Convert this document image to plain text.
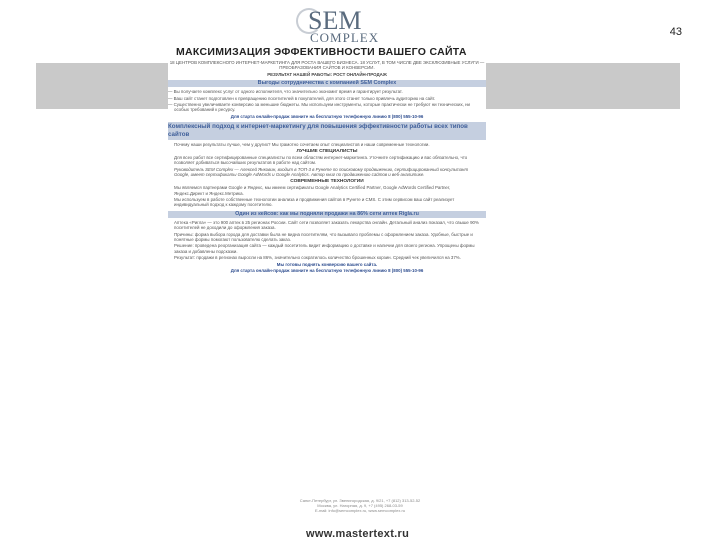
SEM
COMPLEX	43
МАКСИМИЗАЦИЯ ЭФФЕКТИВНОСТИ ВАШЕГО САЙТА

18 ЦЕНТРОВ КОМПЛЕКСНОГО ИНТЕРНЕТ-МАРКЕТИНГА ДЛЯ РОСТА ВАШЕГО БИЗНЕСА. 18 УСЛУГ, В ТОМ ЧИСЛЕ ДВЕ ЭКСКЛЮЗИВНЫЕ УСЛУГИ — ПРЕОБРАЗОВАНИЯ САЙТОВ И КОНВЕРСИИ.

РЕЗУЛЬТАТ НАШЕЙ РАБОТЫ: РОСТ ОНЛАЙН-ПРОДАЖ

Выгоды сотрудничества с компанией SEM Complex

— Вы получаете комплекс услуг от одного исполнителя, что значительно экономит время и гарантирует результат.

— Ваш сайт станет подготовлен к превращению посетителей в покупателей, для этого станет только привлечь аудиторию на сайт.

— Существенно увеличиваете конверсию за меньшие бюджеты. Мы используем инструменты, которые практически не требуют ни технических, ни особых требований к ресурсу.

Для старта онлайн-продаж звоните на бесплатную телефонную линию 8 (800) 555-10-96

Комплексный подход к интернет-маркетингу для повышения эффективности работы всех типов сайтов

Почему наши результаты лучше, чем у других? Мы грамотно сочетаем опыт специалистов и наши современные технологии.

ЛУЧШИЕ СПЕЦИАЛИСТЫ

Для всех работ все сертифицированные специалисты по всем областям интернет-маркетинга. Уточните сертификацию и вас обязательно, что позволяет добиваться высочайших результатов в работе над сайтом.

Руководитель SEM Complex — Алексей Янковин, входит в ТОП-3 в Рунете по поисковому продвижению, сертифицированный консультант Google, имеет сертификаты Google AdWords и Google Analytics. Автор книг по продвижению сайтов и веб-аналитике.

СОВРЕМЕННЫЕ ТЕХНОЛОГИИ

Мы являемся партнерами Google и Яндекс, мы имеем сертификаты Google Analytics Certified Partner, Google AdWords Certified Partner, Яндекс.Директ и Яндекс.Метрика.

Мы используем в работе собственные технологии анализа и продвижения сайтов в Рунете и CMS. С этим сервисом ваш сайт реализует индивидуальный подход к каждому посетителю.

Один из кейсов: как мы подняли продажи на 86% сети аптек Rigla.ru

Аптека «Ригла» — это 900 аптек в 25 регионах России. Сайт сети позволяет заказать лекарства онлайн. Детальный анализ показал, что свыше 90% посетителей не доходили до оформления заказа.

Причины: форма выбора города для доставки была не видна посетителям, что вызывало проблемы с оформлением заказа. Удобные, быстрые и понятные формы помогают пользователю сделать заказ.

Решение: проведена реорганизация сайта — каждый посетитель видит информацию о доставке и наличии для своего региона. Упрощены формы заказа и добавлены подсказки.

Результат: продажи в регионах выросли на 86%, значительно сократилось количество брошенных корзин. Средний чек увеличился на 37%.

Мы готовы поднять конверсию вашего сайта.

Для старта онлайн-продаж звоните на бесплатную телефонную линию 8 (800) 555-10-96

Санкт-Петербург, ул. Звенигородская, д. 9/21, +7 (812) 313-52-52
Москва, ул. Нагорная, д. 9, +7 (495) 268-03-59
E-mail: info@semcomplex.ru, www.semcomplex.ru
www.mastertext.ru
